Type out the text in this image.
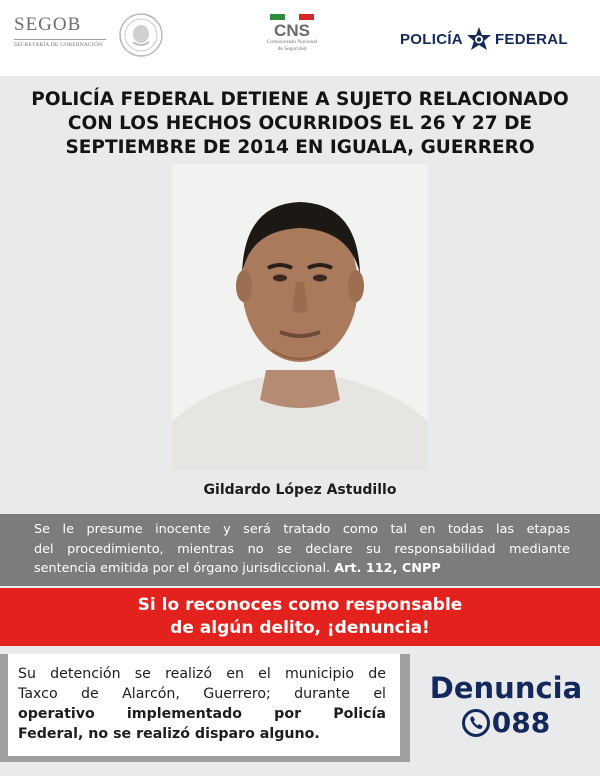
SEGOB
SECRETARÍA DE GOBERNACIÓN
CNS
Comisionado Nacional
de Seguridad
POLICÍA FEDERAL
POLICÍA FEDERAL DETIENE A SUJETO RELACIONADO
CON LOS HECHOS OCURRIDOS EL 26 Y 27 DE
SEPTIEMBRE DE 2014 EN IGUALA, GUERRERO
Gildardo López Astudillo
Se le presume inocente y será tratado como tal en todas las etapas
del procedimiento, mientras no se declare su responsabilidad mediante
sentencia emitida por el órgano jurisdiccional. Art. 112, CNPP
Si lo reconoces como responsable
de algún delito, ¡denuncia!
Su detención se realizó en el municipio de
Taxco de Alarcón, Guerrero; durante el
operativo implementado por Policía
Federal, no se realizó disparo alguno.
Denuncia
088
